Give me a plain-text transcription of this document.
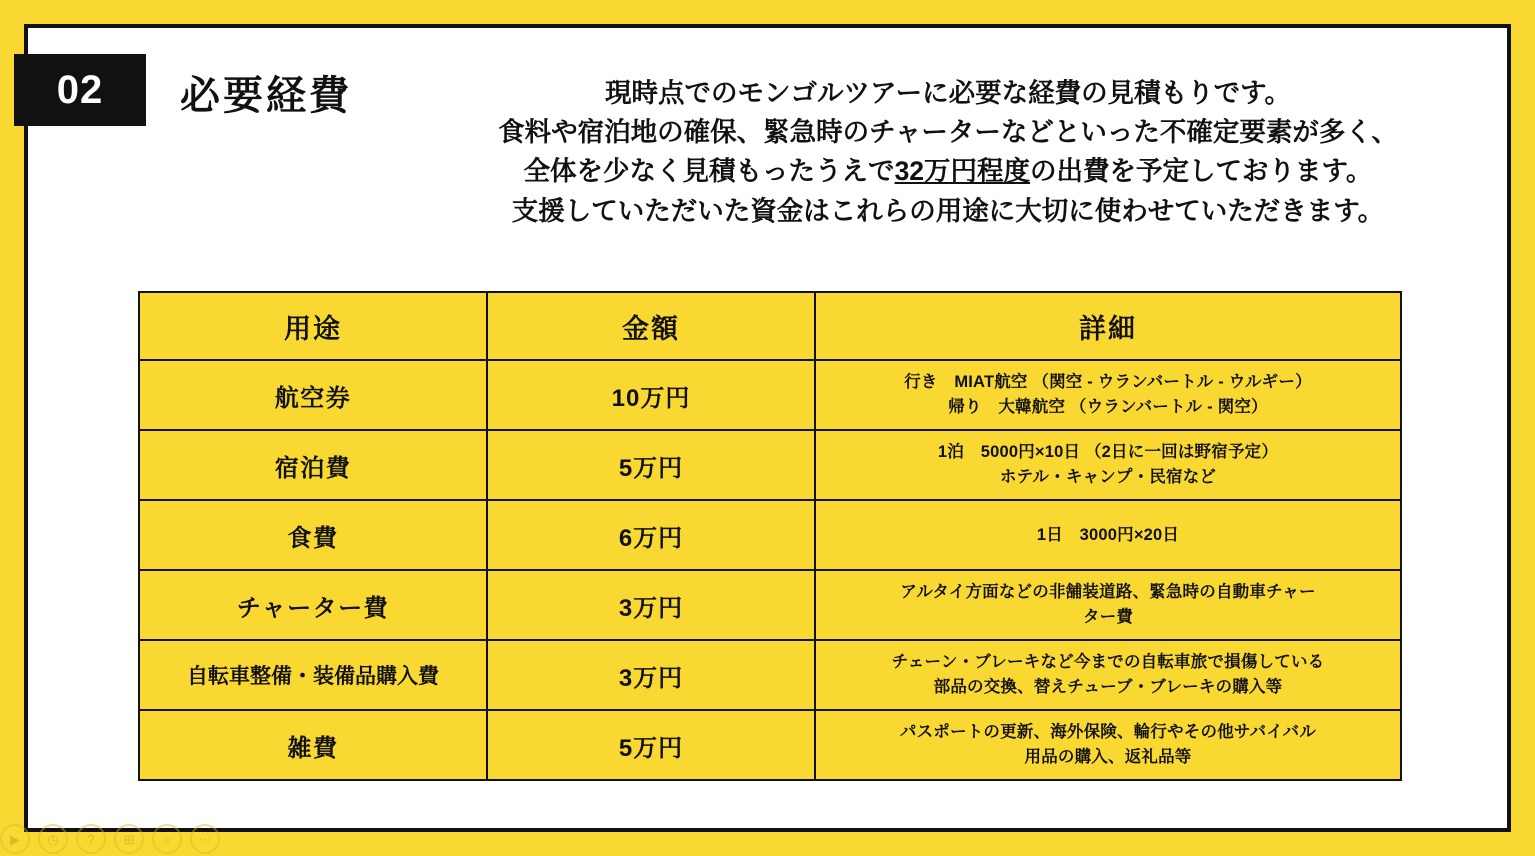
02	必要経費	現時点でのモンゴルツアーに必要な経費の見積もりです。
食料や宿泊地の確保、緊急時のチャーターなどといった不確定要素が多く、
全体を少なく見積もったうえで32万円程度の出費を予定しております。
支援していただいた資金はこれらの用途に大切に使わせていただきます。
用途	金額	詳細
航空券	10万円	行き　MIAT航空 （関空 - ウランバートル - ウルギー）
帰り　大韓航空 （ウランバートル - 関空）

宿泊費	5万円	1泊　5000円×10日 （2日に一回は野宿予定）
ホテル・キャンプ・民宿など

食費	6万円	1日　3000円×20日

チャーター費	3万円	アルタイ方面などの非舗装道路、緊急時の自動車チャー
ター費

自転車整備・装備品購入費	3万円	チェーン・ブレーキなど今までの自転車旅で損傷している
部品の交換、替えチューブ・ブレーキの購入等

雑費	5万円	パスポートの更新、海外保険、輪行やその他サバイバル
用品の購入、返礼品等
▶	◷	?	⊞	⌕	⋯
